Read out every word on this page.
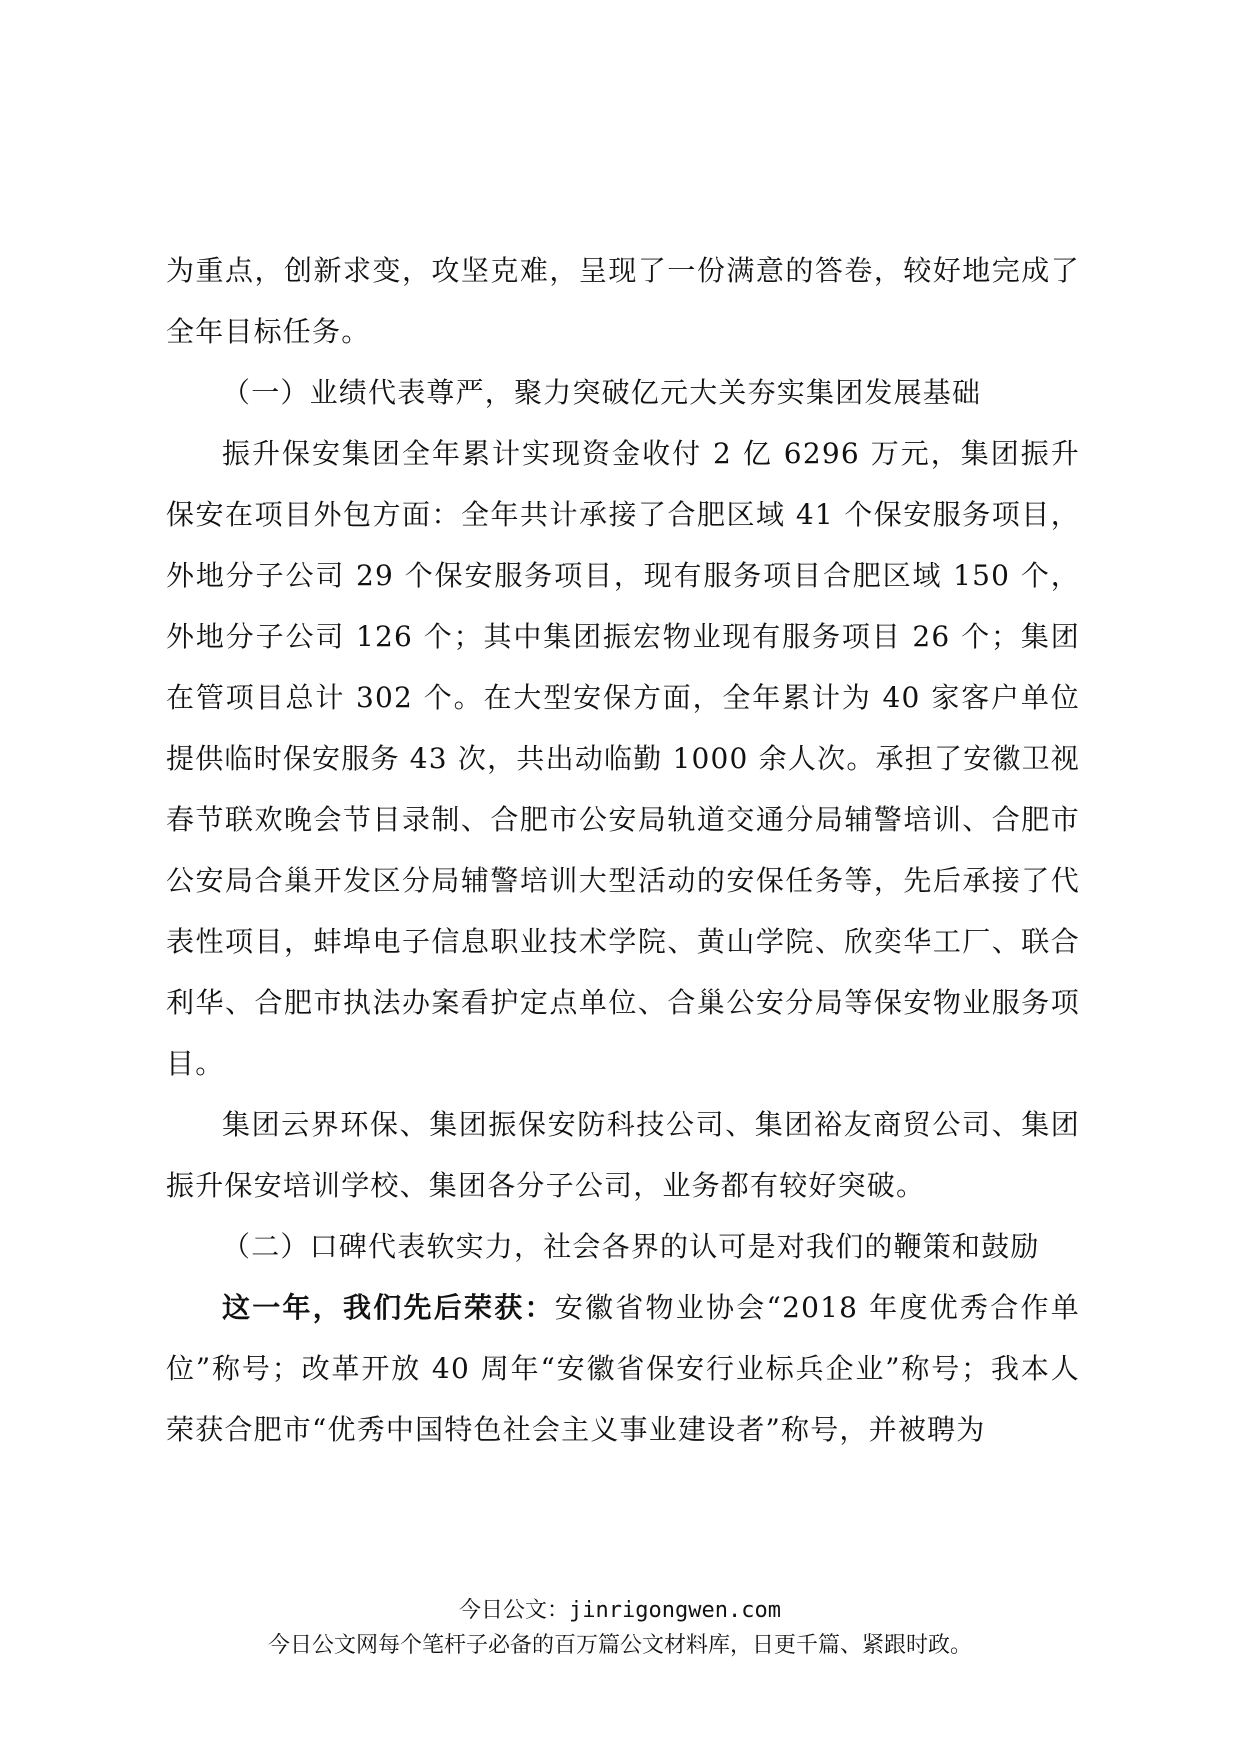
为重点，创新求变，攻坚克难，呈现了一份满意的答卷，较好地完成了全年目标任务。

（一）业绩代表尊严，聚力突破亿元大关夯实集团发展基础

振升保安集团全年累计实现资金收付 2 亿 6296 万元，集团振升保安在项目外包方面：全年共计承接了合肥区域 41 个保安服务项目，外地分子公司 29 个保安服务项目，现有服务项目合肥区域 150 个，外地分子公司 126 个；其中集团振宏物业现有服务项目 26 个；集团在管项目总计 302 个。在大型安保方面，全年累计为 40 家客户单位提供临时保安服务 43 次，共出动临勤 1000 余人次。承担了安徽卫视春节联欢晚会节目录制、合肥市公安局轨道交通分局辅警培训、合肥市公安局合巢开发区分局辅警培训大型活动的安保任务等，先后承接了代表性项目，蚌埠电子信息职业技术学院、黄山学院、欣奕华工厂、联合利华、合肥市执法办案看护定点单位、合巢公安分局等保安物业服务项目。

集团云界环保、集团振保安防科技公司、集团裕友商贸公司、集团振升保安培训学校、集团各分子公司，业务都有较好突破。

（二）口碑代表软实力，社会各界的认可是对我们的鞭策和鼓励

这一年，我们先后荣获：安徽省物业协会“2018 年度优秀合作单位”称号；改革开放 40 周年“安徽省保安行业标兵企业”称号；我本人荣获合肥市“优秀中国特色社会主义事业建设者”称号，并被聘为

今日公文：jinrigongwen.com
今日公文网每个笔杆子必备的百万篇公文材料库，日更千篇、紧跟时政。
